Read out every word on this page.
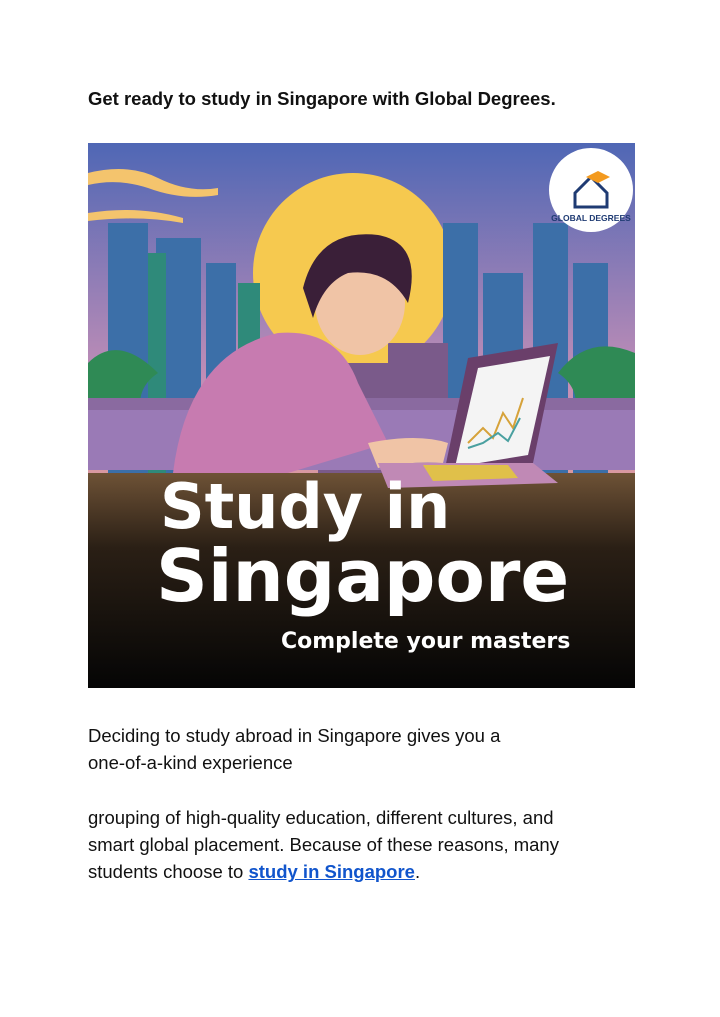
Get ready to study in Singapore with Global Degrees.
GLOBAL DEGREES
Study in
Singapore
Complete your masters
Deciding to study abroad in Singapore gives you a
one-of-a-kind experience
grouping of high-quality education, different cultures, and
smart global placement. Because of these reasons, many
students choose to study in Singapore.
